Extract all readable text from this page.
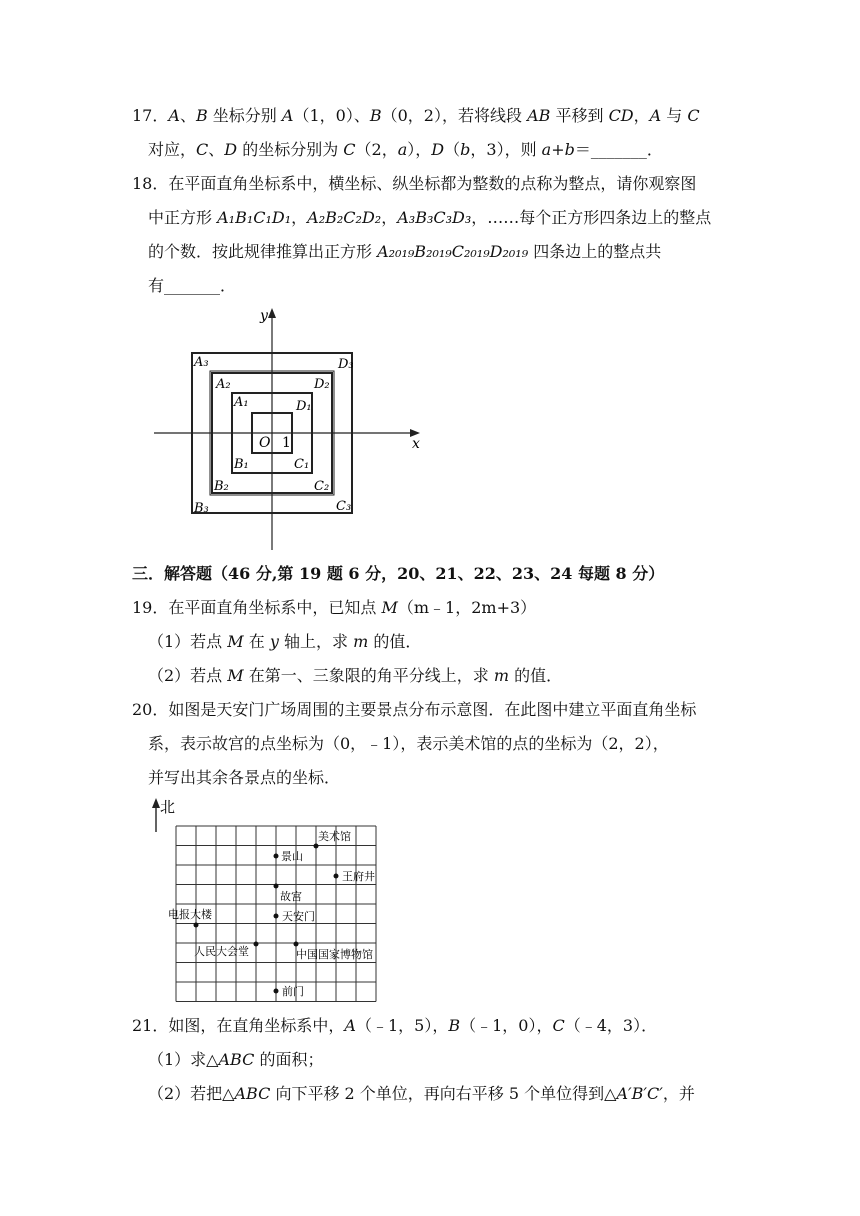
17．A、B 坐标分别 A（1，0）、B（0，2），若将线段 AB 平移到 CD，A 与 C
对应，C、D 的坐标分别为 C（2，a），D（b，3），则 a+b＝_______．
18．在平面直角坐标系中，横坐标、纵坐标都为整数的点称为整点，请你观察图
中正方形 A₁B₁C₁D₁，A₂B₂C₂D₂，A₃B₃C₃D₃，……每个正方形四条边上的整点
的个数．按此规律推算出正方形 A₂₀₁₉B₂₀₁₉C₂₀₁₉D₂₀₁₉ 四条边上的整点共
有_______．
y
x
O 1
A₃	D₃
A₂	D₂
A₁	D₁
B₁	C₁
B₂	C₂
B₃	C₃
三．解答题（46 分,第 19 题 6 分，20、21、22、23、24 每题 8 分）
19．在平面直角坐标系中，已知点 M（m﹣1，2m+3）
（1）若点 M 在 y 轴上，求 m 的值．
（2）若点 M 在第一、三象限的角平分线上，求 m 的值．
20．如图是天安门广场周围的主要景点分布示意图．在此图中建立平面直角坐标
系，表示故宫的点坐标为（0，﹣1），表示美术馆的点的坐标为（2，2），
并写出其余各景点的坐标．
北
美术馆
景山
故宫
王府井
电报大楼	天安门
人民大会堂	中国国家博物馆
前门
21．如图，在直角坐标系中，A（﹣1，5），B（﹣1，0），C（﹣4，3）．
（1）求△ABC 的面积；
（2）若把△ABC 向下平移 2 个单位，再向右平移 5 个单位得到△A′B′C′，并
